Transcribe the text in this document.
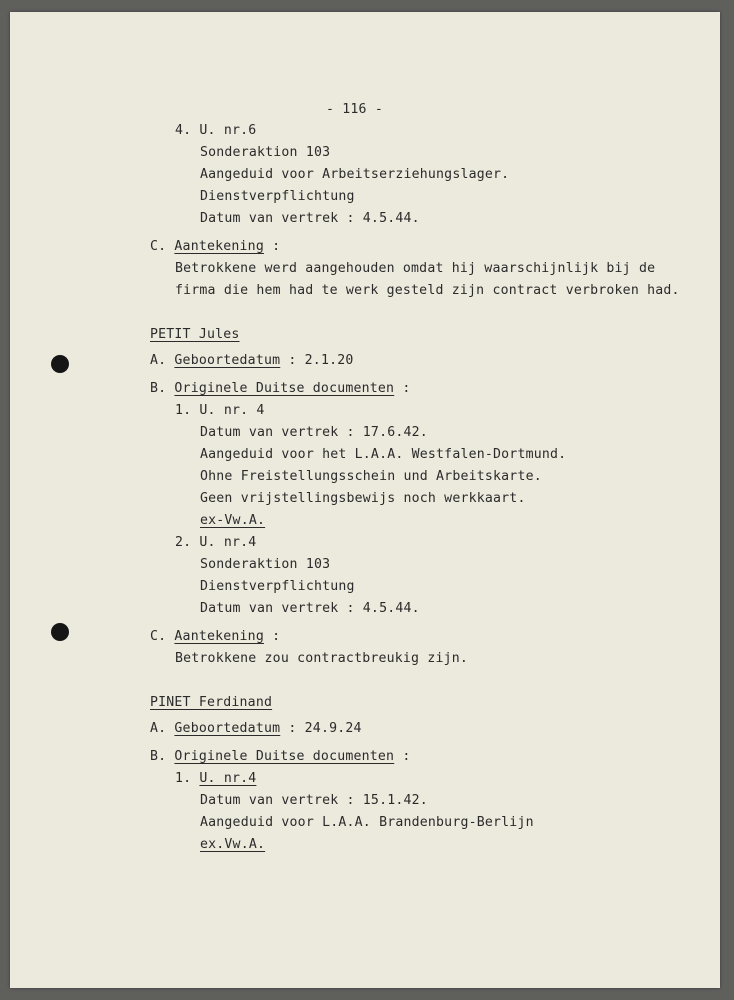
- 116 -
4. U. nr.6
Sonderaktion 103
Aangeduid voor Arbeitserziehungslager.
Dienstverpflichtung
Datum van vertrek : 4.5.44.
C. Aantekening :
Betrokkene werd aangehouden omdat hij waarschijnlijk bij de
firma die hem had te werk gesteld zijn contract verbroken had.
PETIT Jules
A. Geboortedatum : 2.1.20
B. Originele Duitse documenten :
1. U. nr. 4
Datum van vertrek : 17.6.42.
Aangeduid voor het L.A.A. Westfalen-Dortmund.
Ohne Freistellungsschein und Arbeitskarte.
Geen vrijstellingsbewijs noch werkkaart.
ex-Vw.A.
2. U. nr.4
Sonderaktion 103
Dienstverpflichtung
Datum van vertrek : 4.5.44.
C. Aantekening :
Betrokkene zou contractbreukig zijn.
PINET Ferdinand
A. Geboortedatum : 24.9.24
B. Originele Duitse documenten :
1. U. nr.4
Datum van vertrek : 15.1.42.
Aangeduid voor L.A.A. Brandenburg-Berlijn
ex.Vw.A.
